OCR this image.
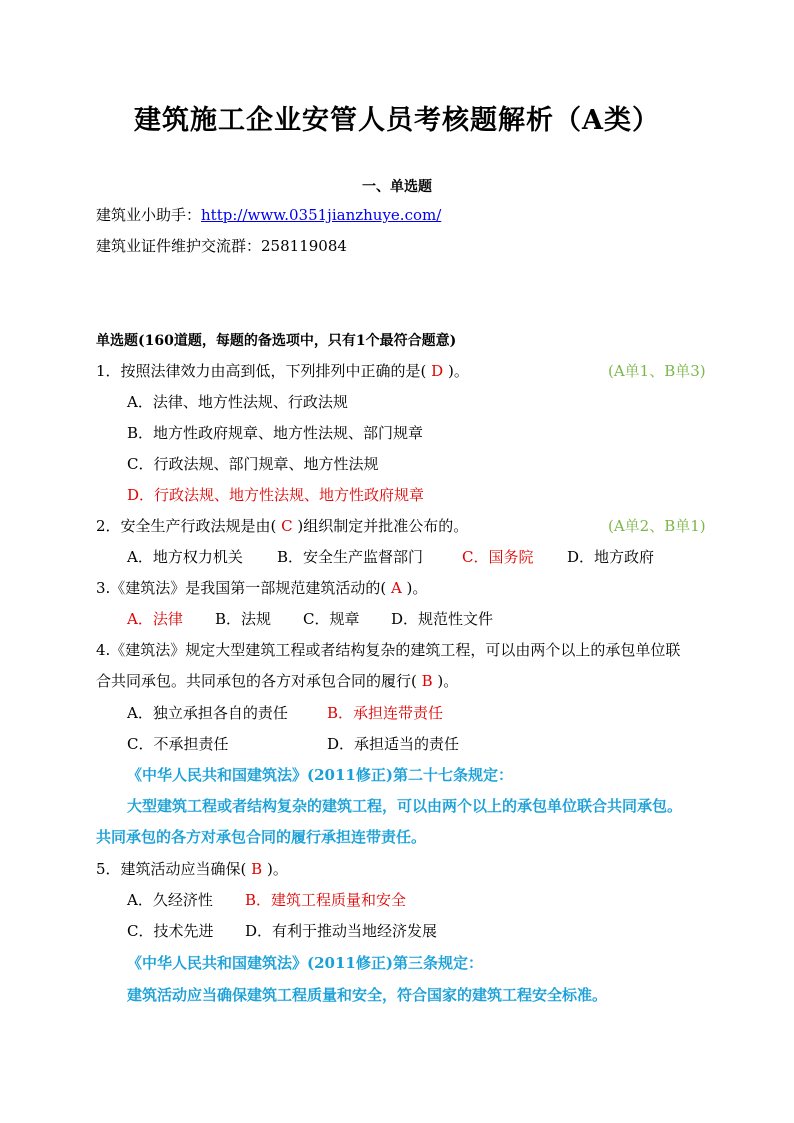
建筑施工企业安管人员考核题解析（A类）
一、单选题
建筑业小助手：http://www.0351jianzhuye.com/
建筑业证件维护交流群：258119084
单选题(160道题，每题的备选项中，只有1个最符合题意)
1．按照法律效力由高到低，下列排列中正确的是( D )。	(A单1、B单3)
A．法律、地方性法规、行政法规
B．地方性政府规章、地方性法规、部门规章
C．行政法规、部门规章、地方性法规
D．行政法规、地方性法规、地方性政府规章
2．安全生产行政法规是由( C )组织制定并批准公布的。	(A单2、B单1)
A．地方权力机关 B．安全生产监督部门	C．国务院 D．地方政府
3.《建筑法》是我国第一部规范建筑活动的( A )。
A．法律 B．法规 C．规章 D．规范性文件
4.《建筑法》规定大型建筑工程或者结构复杂的建筑工程，可以由两个以上的承包单位联
合共同承包。共同承包的各方对承包合同的履行( B )。
A．独立承担各自的责任	B．承担连带责任
C．不承担责任	D．承担适当的责任
《中华人民共和国建筑法》(2011修正)第二十七条规定：
大型建筑工程或者结构复杂的建筑工程，可以由两个以上的承包单位联合共同承包。
共同承包的各方对承包合同的履行承担连带责任。
5．建筑活动应当确保( B )。
A．久经济性 B．建筑工程质量和安全
C．技术先进 D．有利于推动当地经济发展
《中华人民共和国建筑法》(2011修正)第三条规定：
建筑活动应当确保建筑工程质量和安全，符合国家的建筑工程安全标准。
